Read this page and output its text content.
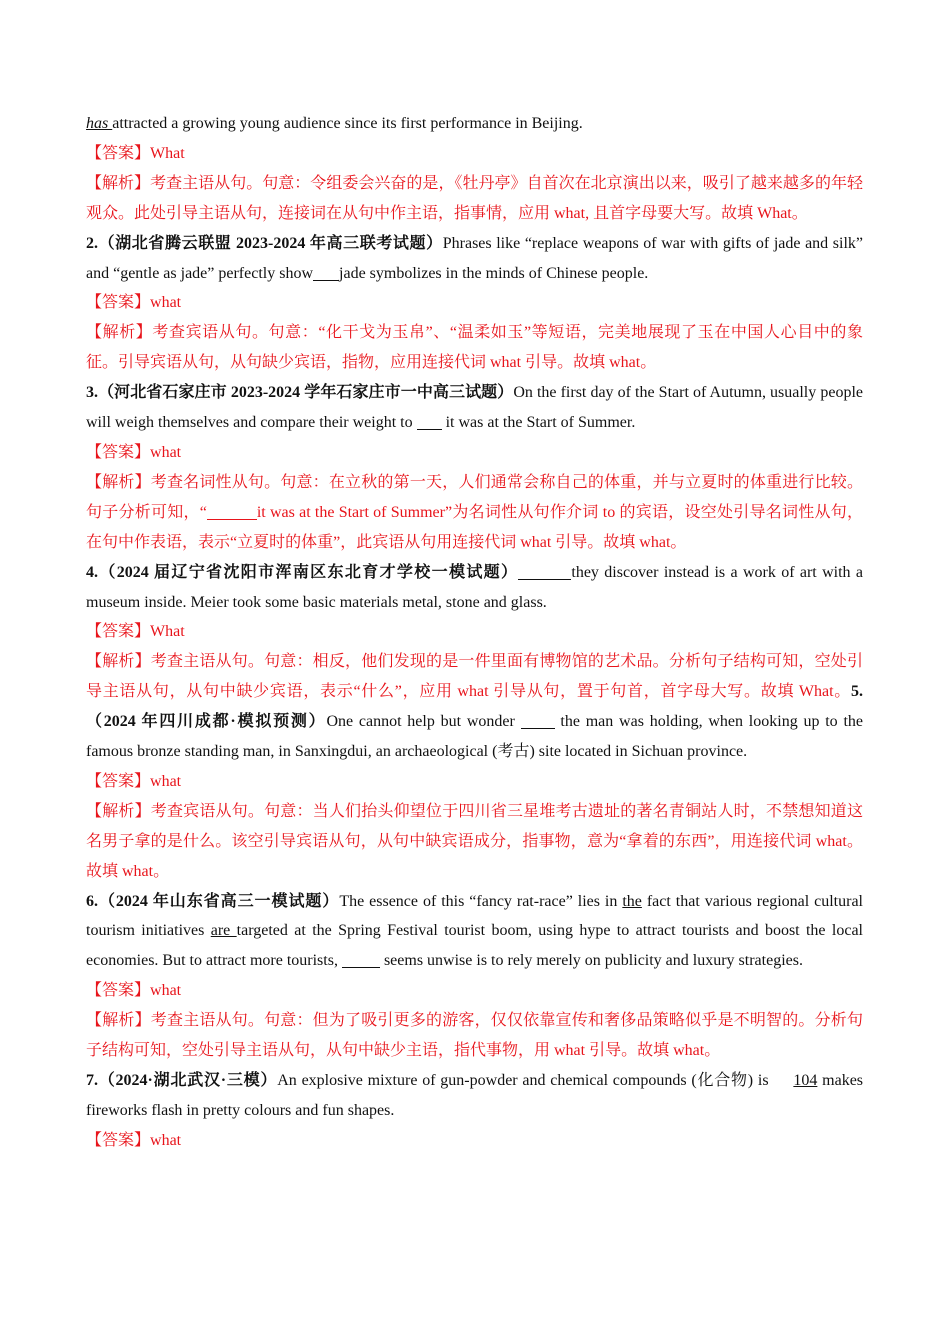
has attracted a growing young audience since its first performance in Beijing.

【答案】What

【解析】考查主语从句。句意：令组委会兴奋的是，《牡丹亭》自首次在北京演出以来，吸引了越来越多的年轻观众。此处引导主语从句，连接词在从句中作主语，指事情，应用 what, 且首字母要大写。故填 What。

2.（湖北省腾云联盟 2023-2024 年高三联考试题）Phrases like “replace weapons of war with gifts of jade and silk” and “gentle as jade” perfectly show jade symbolizes in the minds of Chinese people.

【答案】what

【解析】考查宾语从句。句意：“化干戈为玉帛”、“温柔如玉”等短语，完美地展现了玉在中国人心目中的象征。引导宾语从句，从句缺少宾语，指物，应用连接代词 what 引导。故填 what。

3.（河北省石家庄市 2023-2024 学年石家庄市一中高三试题）On the first day of the Start of Autumn, usually people will weigh themselves and compare their weight to it was at the Start of Summer.

【答案】what

【解析】考查名词性从句。句意：在立秋的第一天，人们通常会称自己的体重，并与立夏时的体重进行比较。句子分析可知，“	it was at the Start of Summer”为名词性从句作介词 to 的宾语，设空处引导名词性从句，在句中作表语，表示“立夏时的体重”，此宾语从句用连接代词 what 引导。故填 what。

4.（2024 届辽宁省沈阳市浑南区东北育才学校一模试题）	they discover instead is a work of art with a museum inside. Meier took some basic materials metal, stone and glass.

【答案】What

【解析】考查主语从句。句意：相反，他们发现的是一件里面有博物馆的艺术品。分析句子结构可知，空处引导主语从句，从句中缺少宾语，表示“什么”，应用 what 引导从句，置于句首，首字母大写。故填 What。5.（2024 年四川成都·模拟预测）One cannot help but wonder	the man was holding, when looking up to the famous bronze standing man, in Sanxingdui, an archaeological (考古) site located in Sichuan province.

【答案】what

【解析】考查宾语从句。句意：当人们抬头仰望位于四川省三星堆考古遗址的著名青铜站人时，不禁想知道这名男子拿的是什么。该空引导宾语从句，从句中缺宾语成分，指事物，意为“拿着的东西”，用连接代词 what。故填 what。

6.（2024 年山东省高三一模试题）The essence of this “fancy rat-race” lies in the fact that various regional cultural tourism initiatives are targeted at the Spring Festival tourist boom, using hype to attract tourists and boost the local economies. But to attract more tourists,	seems unwise is to rely merely on publicity and luxury strategies.

【答案】what

【解析】考查主语从句。句意：但为了吸引更多的游客，仅仅依靠宣传和奢侈品策略似乎是不明智的。分析句子结构可知，空处引导主语从句，从句中缺少主语，指代事物，用 what 引导。故填 what。

7.（2024·湖北武汉·三模）An explosive mixture of gun-powder and chemical compounds (化合物) is 104 makes fireworks flash in pretty colours and fun shapes.

【答案】what
